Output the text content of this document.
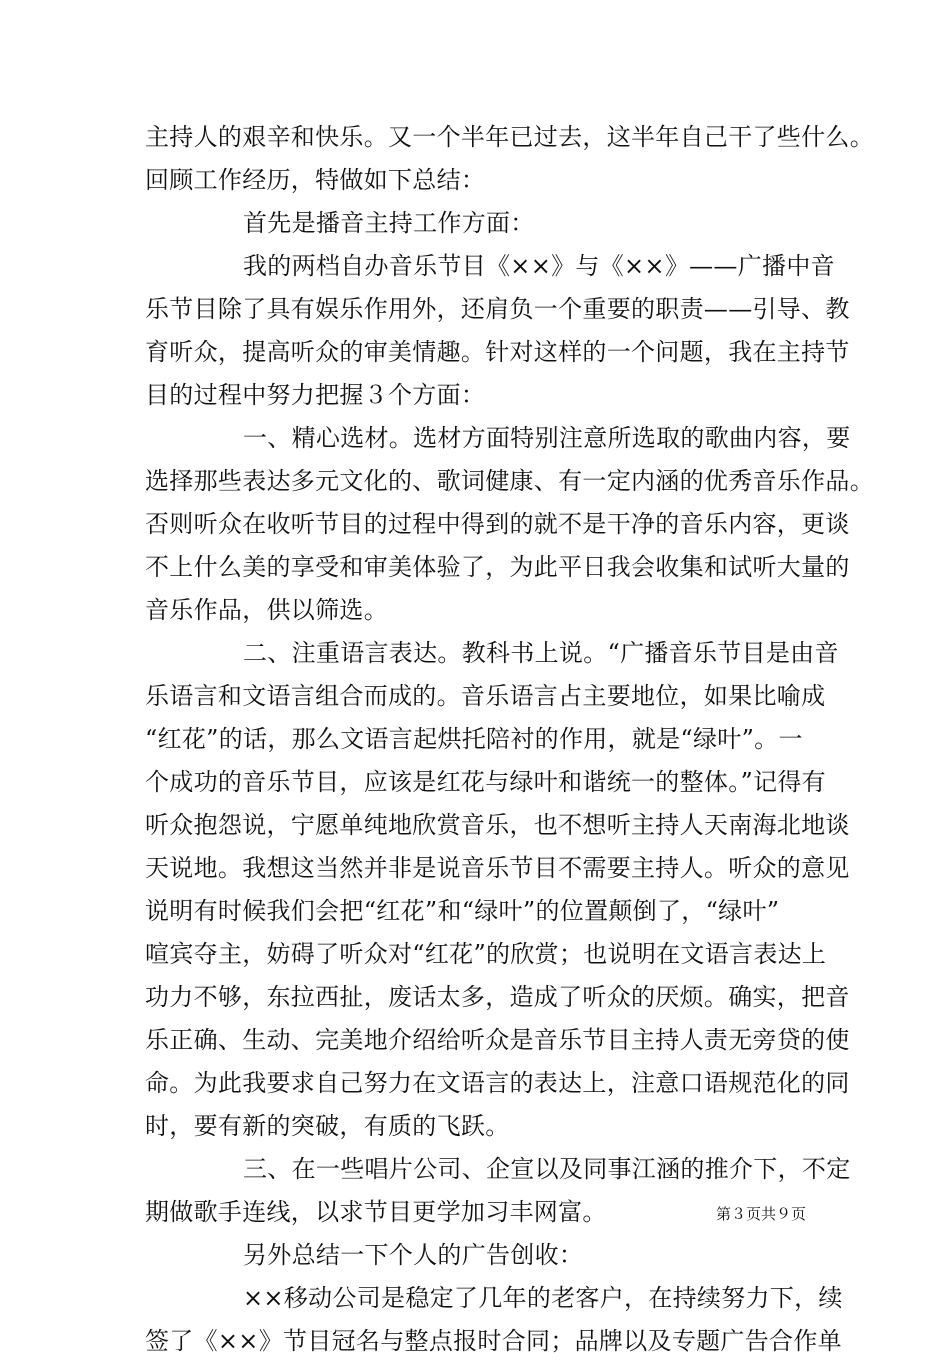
主持人的艰辛和快乐。又一个半年已过去，这半年自己干了些什么。
回顾工作经历，特做如下总结：
首先是播音主持工作方面：
我的两档自办音乐节目《××》与《××》——广播中音
乐节目除了具有娱乐作用外，还肩负一个重要的职责——引导、教
育听众，提高听众的审美情趣。针对这样的一个问题，我在主持节
目的过程中努力把握３个方面：
一、精心选材。选材方面特别注意所选取的歌曲内容，要
选择那些表达多元文化的、歌词健康、有一定内涵的优秀音乐作品。
否则听众在收听节目的过程中得到的就不是干净的音乐内容，更谈
不上什么美的享受和审美体验了，为此平日我会收集和试听大量的
音乐作品，供以筛选。
二、注重语言表达。教科书上说。“广播音乐节目是由音
乐语言和文语言组合而成的。音乐语言占主要地位，如果比喻成
“红花”的话，那么文语言起烘托陪衬的作用，就是“绿叶”。一
个成功的音乐节目，应该是红花与绿叶和谐统一的整体。”记得有
听众抱怨说，宁愿单纯地欣赏音乐，也不想听主持人天南海北地谈
天说地。我想这当然并非是说音乐节目不需要主持人。听众的意见
说明有时候我们会把“红花”和“绿叶”的位置颠倒了，“绿叶”
喧宾夺主，妨碍了听众对“红花”的欣赏；也说明在文语言表达上
功力不够，东拉西扯，废话太多，造成了听众的厌烦。确实，把音
乐正确、生动、完美地介绍给听众是音乐节目主持人责无旁贷的使
命。为此我要求自己努力在文语言的表达上，注意口语规范化的同
时，要有新的突破，有质的飞跃。
三、在一些唱片公司、企宣以及同事江涵的推介下，不定
期做歌手连线，以求节目更学加习丰网富。
另外总结一下个人的广告创收：
××移动公司是稳定了几年的老客户，在持续努力下，续
签了《××》节目冠名与整点报时合同；品牌以及专题广告合作单
第３页共９页
